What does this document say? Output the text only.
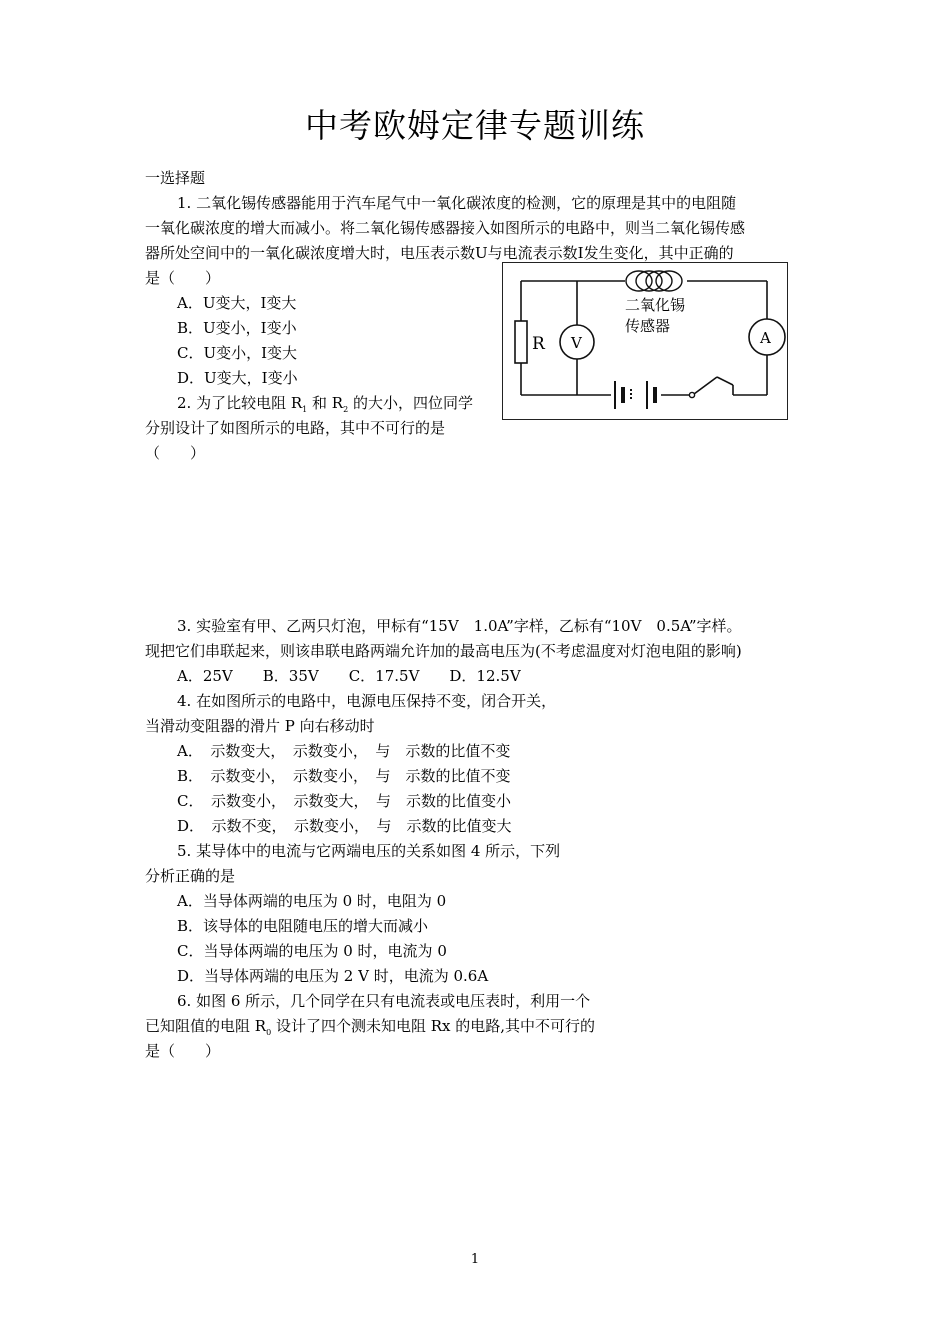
中考欧姆定律专题训练
一选择题
1. 二氧化锡传感器能用于汽车尾气中一氧化碳浓度的检测，它的原理是其中的电阻随
一氧化碳浓度的增大而减小。将二氧化锡传感器接入如图所示的电路中，则当二氧化锡传感
器所处空间中的一氧化碳浓度增大时，电压表示数U与电流表示数I发生变化，其中正确的
是（　　）
A．U变大，I变大
B．U变小，I变小
C．U变小，I变大
D．U变大，I变小
R V	A
二氧化锡
传感器
2. 为了比较电阻 $R_1$ 和 $R_2$ 的大小，四位同学
分别设计了如图所示的电路，其中不可行的是
（　　）
3. 实验室有甲、乙两只灯泡，甲标有“15V　1.0A”字样，乙标有“10V　0.5A”字样。
现把它们串联起来，则该串联电路两端允许加的最高电压为(不考虑温度对灯泡电阻的影响)
A．25V　　B．35V　　C．17.5V　　D．12.5V
4. 在如图所示的电路中，电源电压保持不变，闭合开关，
当滑动变阻器的滑片 P 向右移动时
A．　示数变大，　示数变小，　与　示数的比值不变
B．　示数变小，　示数变小，　与　示数的比值不变
C．　示数变小，　示数变大，　与　示数的比值变小
D．　示数不变，　示数变小，　与　示数的比值变大
5. 某导体中的电流与它两端电压的关系如图 4 所示，下列
分析正确的是
A．当导体两端的电压为 0 时，电阻为 0
B．该导体的电阻随电压的增大而减小
C．当导体两端的电压为 0 时，电流为 0
D．当导体两端的电压为 2 V 时，电流为 0.6A
6. 如图 6 所示，几个同学在只有电流表或电压表时，利用一个
已知阻值的电阻 $R_0$ 设计了四个测未知电阻 Rx 的电路,其中不可行的
是（　　）
1
